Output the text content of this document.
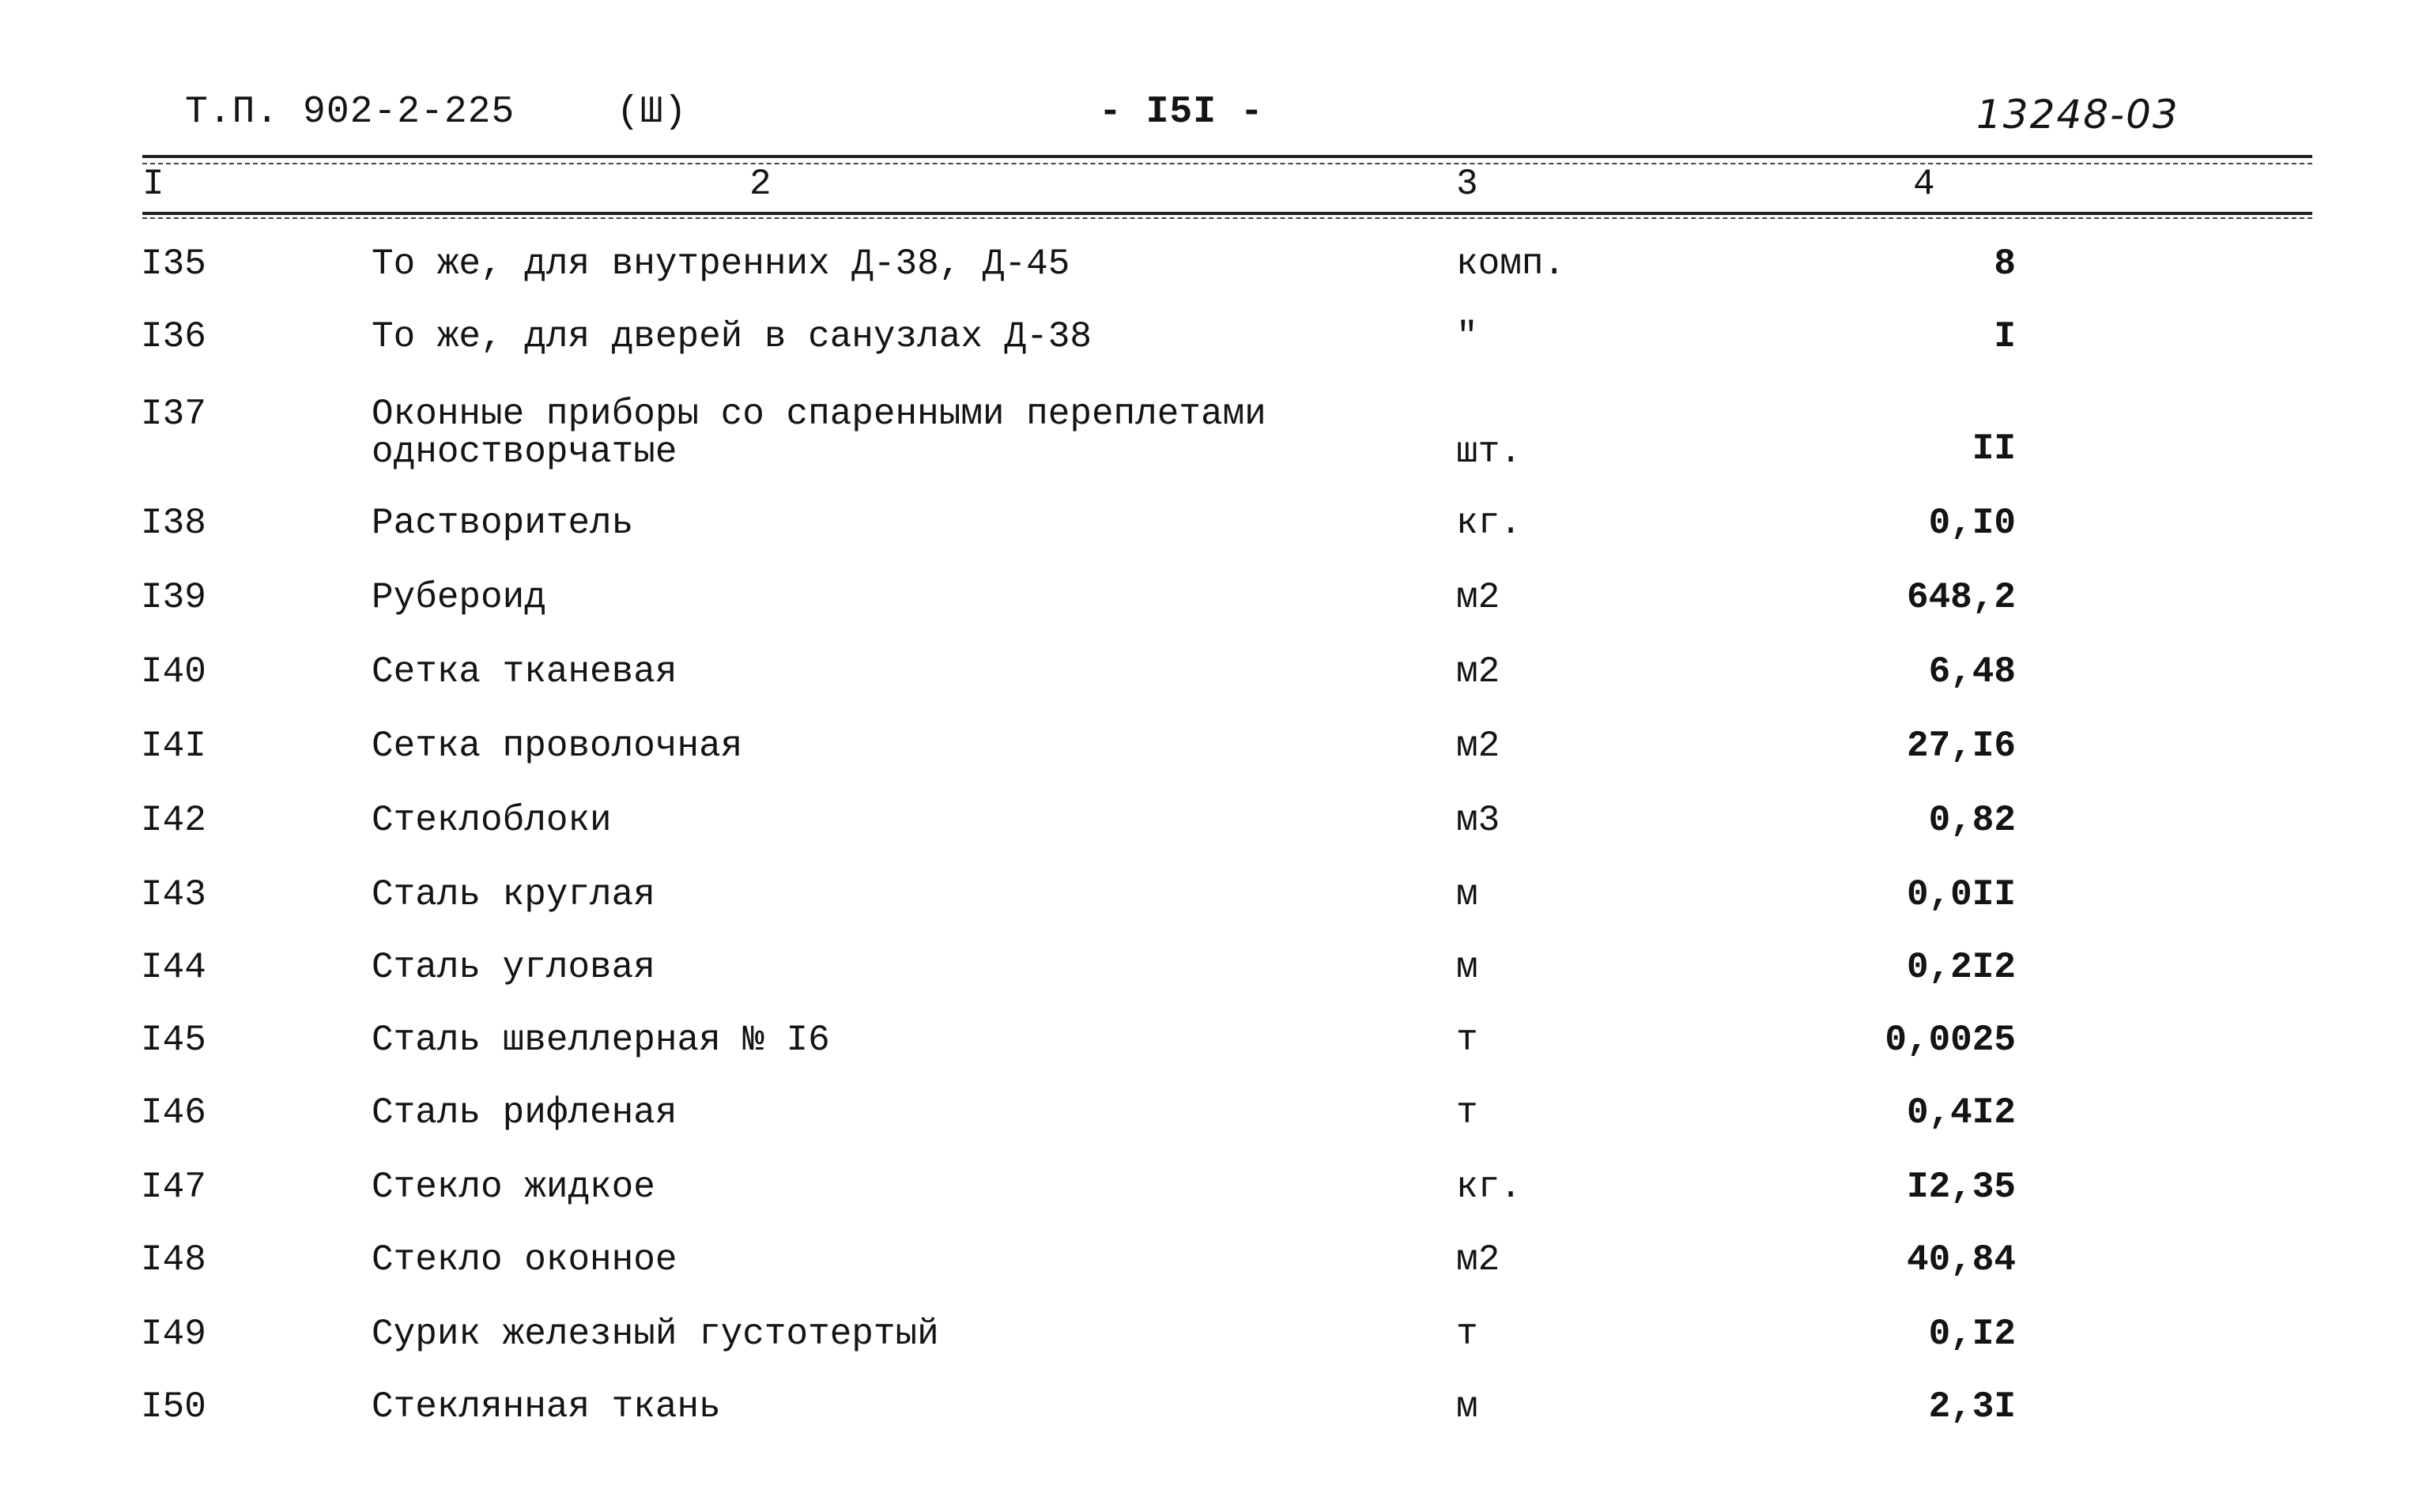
Т.П. 902-2-225	(Ш)	- I5I -	13248-03
I	2	3	4
I35	То же, для внутренних Д-38, Д-45	комп.	8
I36	То же, для дверей в санузлах Д-38	"	I
I37	Оконные приборы со спаренными переплетами
одностворчатые	шт.	II
I38	Растворитель	кг.	0,I0
I39	Рубероид	м2	648,2
I40	Сетка тканевая	м2	6,48
I4I	Сетка проволочная	м2	27,I6
I42	Стеклоблоки	м3	0,82
I43	Сталь круглая	м	0,0II
I44	Сталь угловая	м	0,2I2
I45	Сталь швеллерная № I6	т	0,0025
I46	Сталь рифленая	т	0,4I2
I47	Стекло жидкое	кг.	I2,35
I48	Стекло оконное	м2	40,84
I49	Сурик железный густотертый	т	0,I2
I50	Стеклянная ткань	м	2,3I
